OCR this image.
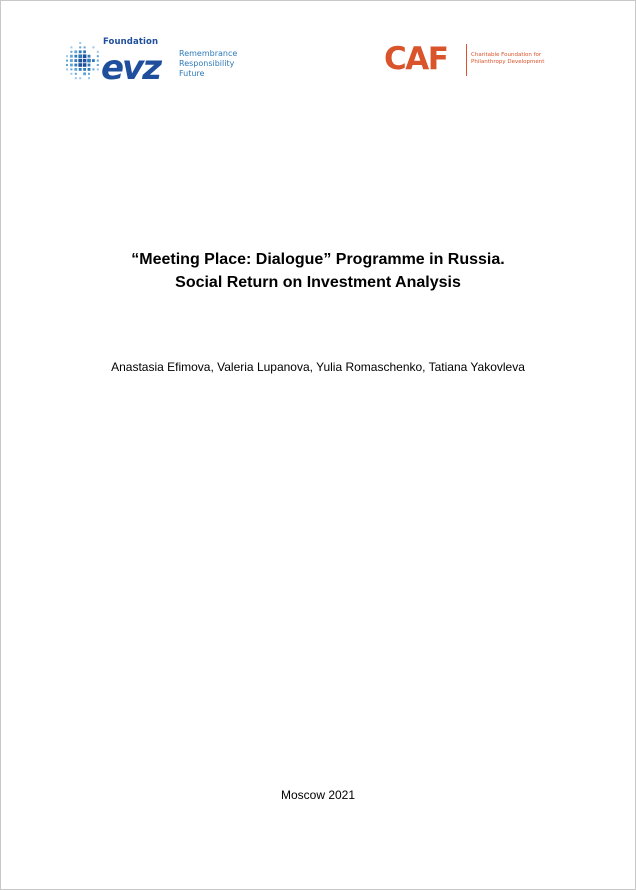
Foundation
evz Remembrance
Responsibility
Future	CAF	Charitable Foundation for
Philanthropy Development
“Meeting Place: Dialogue” Programme in Russia.
Social Return on Investment Analysis
Anastasia Efimova, Valeria Lupanova, Yulia Romaschenko, Tatiana Yakovleva
Moscow 2021
